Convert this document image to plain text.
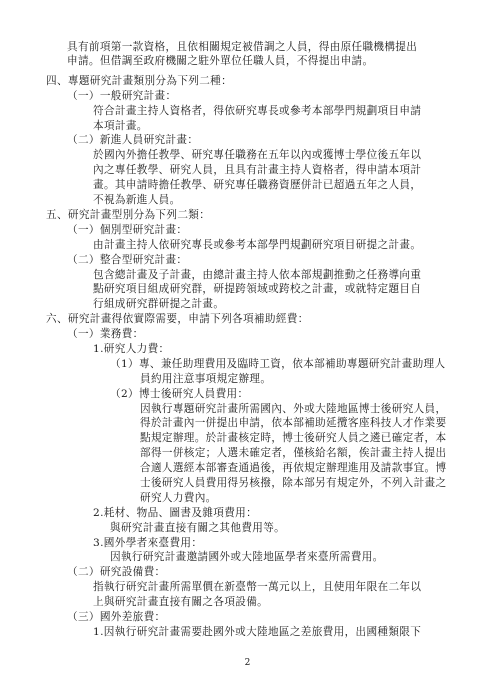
具有前項第一款資格，且依相關規定被借調之人員，得由原任職機構提出
申請。但借調至政府機關之駐外單位任職人員，不得提出申請。
四、專題研究計畫類別分為下列二種：
（一）一般研究計畫：
符合計畫主持人資格者，得依研究專長或參考本部學門規劃項目申請
本項計畫。
（二）新進人員研究計畫：
於國內外擔任教學、研究專任職務在五年以內或獲博士學位後五年以
內之專任教學、研究人員，且具有計畫主持人資格者，得申請本項計
畫。其申請時擔任教學、研究專任職務資歷併計已超過五年之人員，
不視為新進人員。
五、研究計畫型別分為下列二類：
（一）個別型研究計畫：
由計畫主持人依研究專長或參考本部學門規劃研究項目研提之計畫。
（二）整合型研究計畫：
包含總計畫及子計畫，由總計畫主持人依本部規劃推動之任務導向重
點研究項目組成研究群，研提跨領域或跨校之計畫，或就特定題目自
行組成研究群研提之計畫。
六、研究計畫得依實際需要，申請下列各項補助經費：
（一）業務費：
1.研究人力費：
（1）專、兼任助理費用及臨時工資，依本部補助專題研究計畫助理人
員約用注意事項規定辦理。
（2）博士後研究人員費用：
因執行專題研究計畫所需國內、外或大陸地區博士後研究人員，
得於計畫內一併提出申請，依本部補助延攬客座科技人才作業要
點規定辦理。於計畫核定時，博士後研究人員之遴已確定者，本
部得一併核定；人選未確定者，僅核給名額，俟計畫主持人提出
合適人選經本部審查通過後，再依規定辦理進用及請款事宜。博
士後研究人員費用得另核撥，除本部另有規定外，不列入計畫之
研究人力費內。
2.耗材、物品、圖書及雜項費用：
與研究計畫直接有關之其他費用等。
3.國外學者來臺費用：
因執行研究計畫邀請國外或大陸地區學者來臺所需費用。
（二）研究設備費：
指執行研究計畫所需單價在新臺幣一萬元以上，且使用年限在二年以
上與研究計畫直接有關之各項設備。
（三）國外差旅費：
1.因執行研究計畫需要赴國外或大陸地區之差旅費用，出國種類限下
2
